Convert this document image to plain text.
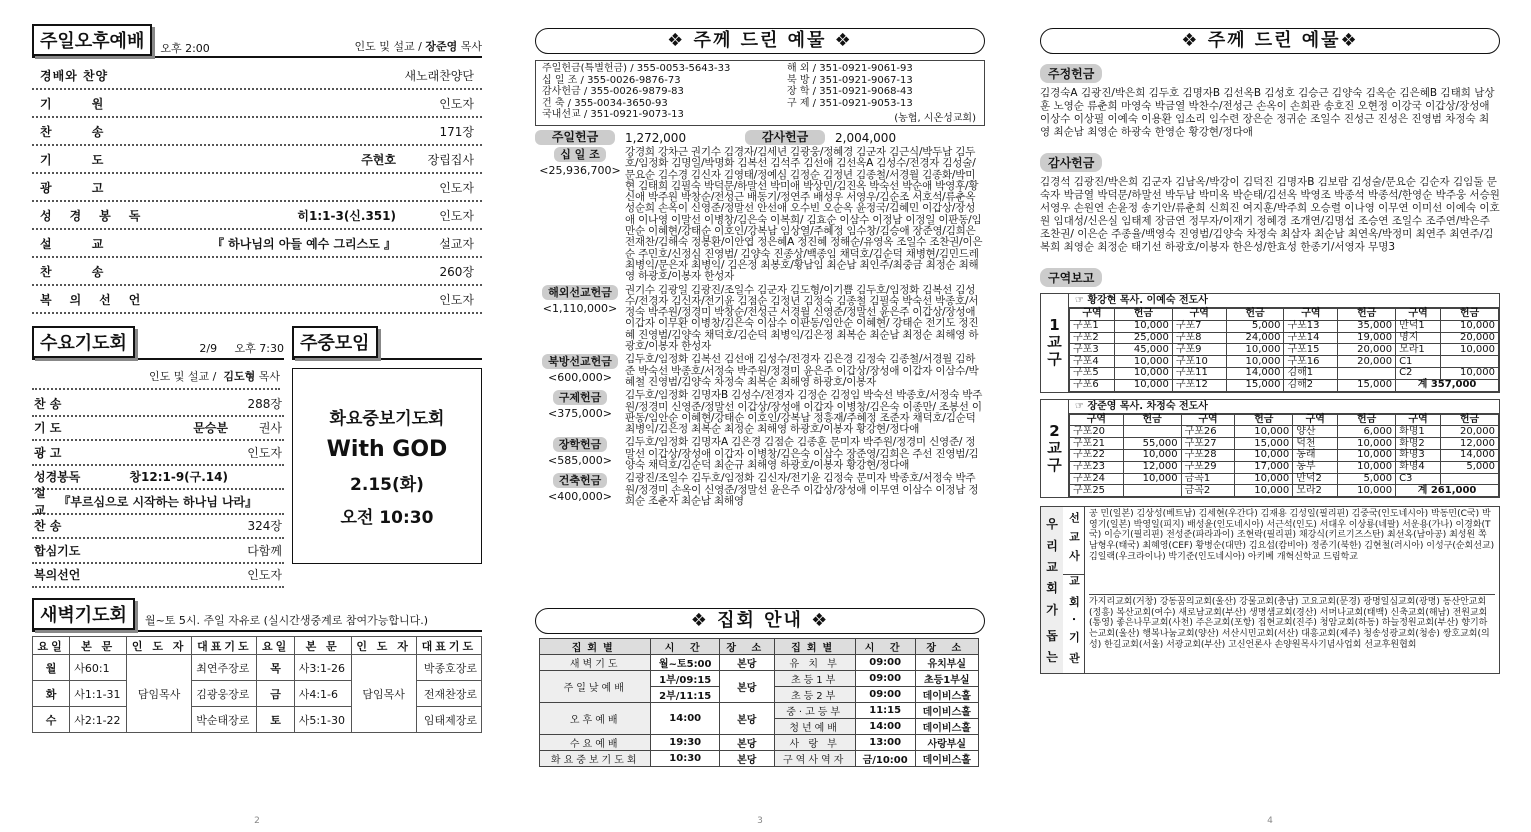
주일오후예배	오후 2:00	인도 및 설교 / 장준영 목사
경배와 찬양	새노래찬양단
기 원	인도자
찬 송	171장
기 도	주현호	장립집사
광 고	인도자
성경봉독	히1:1-3(신.351)	인도자
설 교	『 하나님의 아들 예수 그리스도 』	설교자
찬 송	260장
복의선언	인도자
수요기도회	2/9 오후 7:30
인도 및 설교 / 김도형 목사
찬 송	288장
기 도	문승분	권사
광 고	인도자
성경봉독	창12:1-9(구.14)
설 교
『부르심으로 시작하는 하나님 나라』
찬 송	324장
합심기도	다함께
복의선언	인도자
주중모임
화요중보기도회
With GOD
2.15(화)
오전 10:30
새벽기도회	월~토 5시. 주일 자유로 (실시간생중계로 참여가능합니다.)
요일	본 문	인 도 자	대표기도	요일	본 문	인 도 자	대표기도
월	사60:1	담임목사	최연주장로	목	사3:1-26	담임목사	박종호장로
화	사1:1-31		김광웅장로	금	사4:1-6		전재찬장로
수	사2:1-22		박순태장로	토	사5:1-30		임태제장로
2
❖ 주께 드린 예물 ❖
주일헌금(특별헌금) / 355-0053-5643-33
십 일 조 / 355-0026-9876-73
감사헌금 / 355-0026-9879-83
건 축 / 355-0034-3650-93
국내선교 / 351-0921-9073-13
해 외 / 351-0921-9061-93
북 방 / 351-0921-9067-13
장 학 / 351-0921-9068-43
구 제 / 351-0921-9053-13
(농협, 시온성교회)
주일헌금	1,272,000	감사헌금	2,004,000
십 일 조
<25,936,700>
강경희 강차근 권기수 김경자/김세년 김광웅/정혜경 김군자 김근식/박두남 김두호/임정화 김명일/박명화 김복선 김석주 김선애 김선옥A 김성수/전경자 김성술/문요순 김수경 김신자 김영태/정예심 김정순 김정년 김종철/서경월 김종화/박미현 김태희 김필숙 박덕문/하말선 박미애 박상민/김진옥 박숙선 박순애 박영후/황신애 박주원 박창순/전성근 배동기/정연주 배성우 서영우/김순조 서호석/류춘옥 성순희 손옥이 신영준/정말선 안선애 오수빈 오순옥 윤정국/김혜민 이갑상/장성애 이나영 이말선 이병창/김은숙 이복희/ 김효순 이삼수 이정남 이정일 이판동/임만순 이혜현/강태순 이호인/강복남 임상열/주혜정 임수창/김승애 장준영/김희은 전재찬/김해숙 정봉환/이안엽 정은혜A 정진혜 정해순/유영옥 조일수 조찬권/이은순 주민호/신정심 진영범/ 김양숙 진종상/백종임 채덕호/김순덕 채병현/김민드레 최병익/문은자 최병익/ 김은정 최봉호/황남임 최순남 최인주/최중금 최정순 최해영 하광호/이봉자 한성자
해외선교헌금
<1,110,000>
권기수 김광일 김광진/조일수 김군자 김도형/이기쁨 김두호/임정화 김복선 김성수/전경자 김신자/전기윤 김점순 김정년 김정숙 김종철 김필숙 박숙선 박종호/서정숙 박주원/정경미 박창순/전성근 서경월 신영준/정말선 윤은주 이갑상/장성애 이갑자 이무환 이병창/김은숙 이삼수 이판동/임안순 이혜현/ 강태순 전기도 정진혜 진영범/김양숙 채덕호/김순덕 최병익/김은정 최복순 최순남 최정순 최해영 하광호/이봉자 한성자
북방선교헌금
<600,000>
김두호/임정화 김복선 김선애 김성수/전경자 김은경 김정숙 김종철/서경월 김하준 박숙선 박종호/서정숙 박주원/정경미 윤은주 이갑상/장성애 이갑자 이삼수/박혜철 진영범/김양숙 차정숙 최복순 최해영 하광호/이봉자
구제헌금
<375,000>
김두호/임정화 김명자B 김성수/전경자 김정순 김정임 박숙선 박종호/서정숙 박주원/정경미 신영준/정말선 이갑상/장성애 이갑자 이병창/김은숙 이종만/ 조봉선 이판동/임안순 이혜현/강태순 이호인/강복남 정흥재/주혜정 조준자 채덕호/김순덕 최병익/김은정 최복순 최정순 최해영 하광호/이봉자 황강현/정다애
장학헌금
<585,000>
김두호/임정화 김명자A 김은경 김점순 김종훈 문미자 박주원/정경미 신영준/ 정말선 이갑상/장성애 이갑자 이병창/김은숙 이삼수 장준영/김희은 주선 진영범/김양숙 채덕호/김순덕 최순규 최해영 하광호/이봉자 황강현/정다애
건축헌금
<400,000>
김광진/조일수 김두호/임정화 김신자/전기윤 김정숙 문미자 박종호/서정숙 박주원/정경미 손옥이 신영준/정말선 윤은주 이갑상/장성애 이무연 이삼수 이정남 정희순 조춘자 최순남 최해영
❖ 집회 안내 ❖
집회별	시 간	장 소	집회별	시 간	장 소
새벽기도	월~토5:00	본당	유 치 부	09:00	유치부실
주일낮예배	1부/09:15	본당	초등1부	09:00	초등1부실
	2부/11:15		초등2부	09:00	데이비스홀
오후예배	14:00	본당	중·고등부	11:15	데이비스홀
			청년예배	14:00	데이비스홀
수요예배	19:30	본당	사 랑 부	13:00	사랑부실
화요중보기도회	10:30	본당	구역사역자	금/10:00	데이비스홀
3
❖ 주께 드린 예물❖
주정헌금
김경숙A 김광진/박은희 김두호 김명자B 김선옥B 김성호 김승근 김양숙 김옥순 김은혜B 김태희 남상훈 노영순 류춘희 마영숙 박금열 박찬수/전성근 손옥이 손희관 송호진 오현정 이강국 이갑상/장성애 이상수 이상필 이예숙 이용환 임소리 임수련 장은순 정귀순 조일수 진성근 진성은 진영범 차정숙 최 영 최순남 최영순 하광숙 한영순 황강현/정다애
감사헌금
김경석 김광진/박은희 김군자 김남옥/박강이 김덕진 김명자B 김보람 김성술/문요순 김순자 김임둘 문숙자 박금열 박덕문/하말선 박두남 박미옥 박순태/김선옥 박영조 박종석 박종석/한영순 박주웅 서승원 서영우 손원연 손윤정 송기안/류춘희 신희진 여지훈/박주희 오승렬 이나영 이무연 이미선 이예숙 이호원 임대성/신은실 임태제 장금연 정무자/이재기 정혜경 조개연/김명섭 조승연 조일수 조주연/박은주 조찬권/ 이은순 주종율/백영숙 진영범/김양숙 차정숙 최삼자 최순남 최연옥/박정미 최연주 최연주/김복희 최영순 최정순 태기선 하광호/이봉자 한은성/한효성 한종기/서영자 무명3
구역보고
1
교
구
☞ 황강현 목사. 이예숙 전도사
구역	헌금	구역	헌금	구역	헌금	구역	헌금
구포1	10,000	구포7	5,000	구포13	35,000	만덕1	10,000
구포2	25,000	구포8	24,000	구포14	19,000	명지	20,000
구포3	45,000	구포9	10,000	구포15	20,000	모라1	10,000
구포4	10,000	구포10	10,000	구포16	20,000	C1	
구포5	10,000	구포11	14,000	김해1		C2	10,000
구포6	10,000	구포12	15,000	김해2	15,000	계 357,000	
2
교
구
☞ 장준영 목사. 차정숙 전도사
구역	헌금	구역	헌금	구역	헌금	구역	헌금
구포20		구포26	10,000	양산	6,000	화명1	20,000
구포21	55,000	구포27	15,000	덕천	10,000	화명2	12,000
구포22	10,000	구포28	10,000	동래	10,000	화명3	14,000
구포23	12,000	구포29	17,000	동부	10,000	화명4	5,000
구포24	10,000	금곡1	10,000	만덕2	5,000	C3	
구포25		금곡2	10,000	모라2	10,000	계 261,000	
우
리
교
회
가
돕
는
선교사
교회·기관
공 민(일본) 김상성(베트남) 김세현(우간다) 김재용 김성일(필리핀) 김중국(인도네시아) 박동민(C국) 박영기(일본) 박영일(피지) 배성윤(인도네시아) 서근석(인도) 서대우 이상룡(네팔) 서운용(가나) 이경화(T국) 이승기(필리핀) 전성준(파라과이) 조현락(필리핀) 채강식(키르기즈스탄) 최선옥(남아공) 최성원 쪽 남형우(태국) 최혜영(CEF) 황병순(대만) 김요섭(캄비아) 정종기(북한) 김현철(러시아) 이성구(순회선교) 김일랙(우크라이나) 박기준(인도네시아) 아키볘 개혁신학교 드림학교
가지리교회(거창) 강동꿈의교회(울산) 강물교회(충남) 고요교회(문경) 광명일심교회(광명) 동산안교회(정흥) 복산교회(여수) 새로남교회(부산) 생명샘교회(경산) 서머나교회(태백) 신축교회(해남) 전원교회(통영) 좋은나무교회(사천) 주은교회(포항) 집현교회(진주) 청암교회(하동) 하늘정원교회(부산) 향기하는교회(울산) 행복나눔교회(양산) 서산시민교회(서산) 대흥교회(제주) 청송성광교회(청송) 쌍호교회(의성) 한길교회(서울) 서광교회(부산) 고신언론사 손양원목사기념사업회 선교후원협회
4
